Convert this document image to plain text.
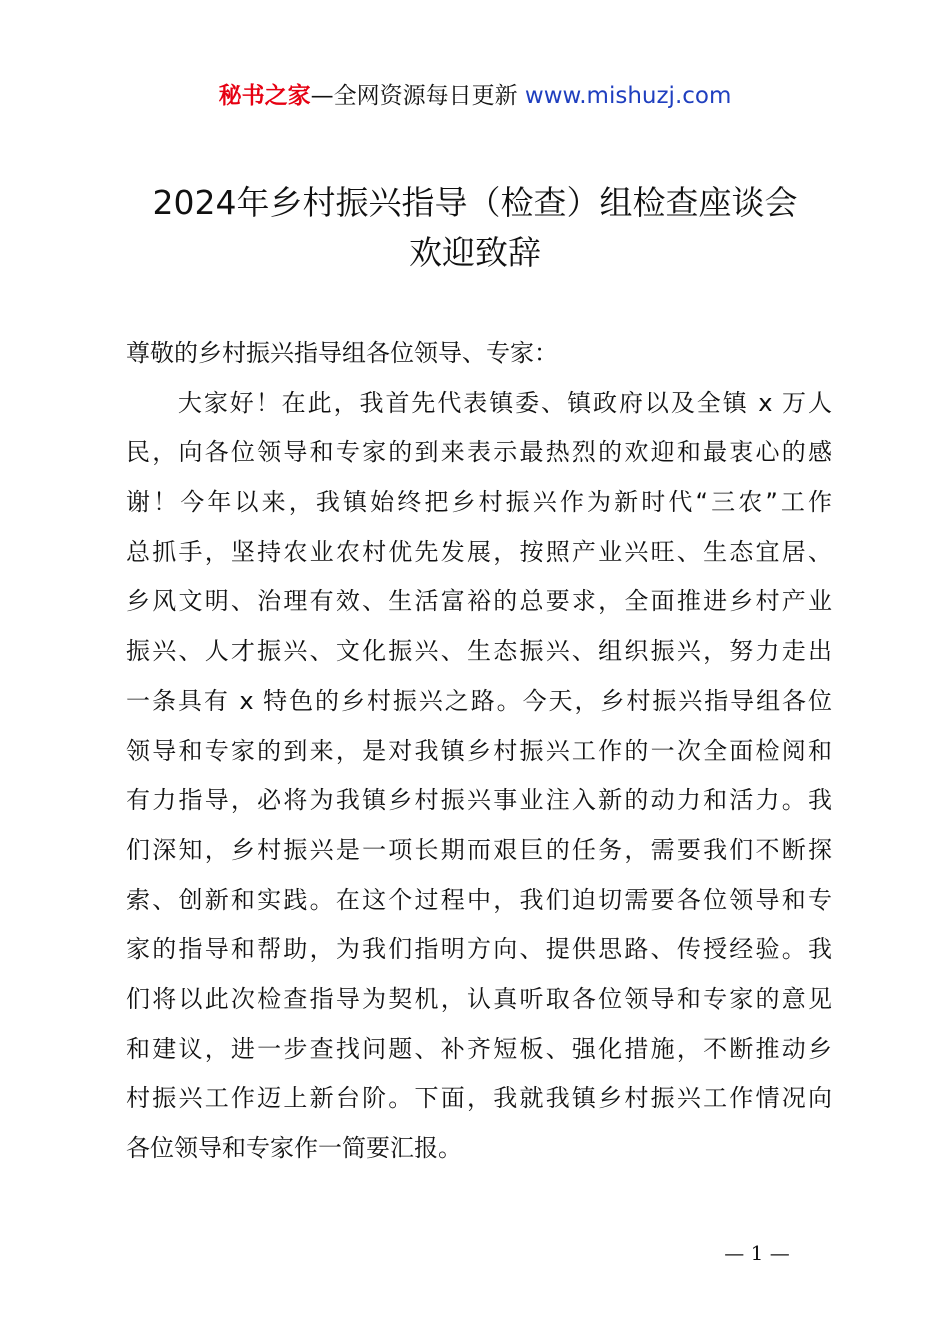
秘书之家—全网资源每日更新 www.mishuzj.com
2024年乡村振兴指导（检查）组检查座谈会
欢迎致辞
尊敬的乡村振兴指导组各位领导、专家：
　　大家好！在此，我首先代表镇委、镇政府以及全镇 x 万人
民，向各位领导和专家的到来表示最热烈的欢迎和最衷心的感
谢！今年以来，我镇始终把乡村振兴作为新时代“三农”工作
总抓手，坚持农业农村优先发展，按照产业兴旺、生态宜居、
乡风文明、治理有效、生活富裕的总要求，全面推进乡村产业
振兴、人才振兴、文化振兴、生态振兴、组织振兴，努力走出
一条具有 x 特色的乡村振兴之路。今天，乡村振兴指导组各位
领导和专家的到来，是对我镇乡村振兴工作的一次全面检阅和
有力指导，必将为我镇乡村振兴事业注入新的动力和活力。我
们深知，乡村振兴是一项长期而艰巨的任务，需要我们不断探
索、创新和实践。在这个过程中，我们迫切需要各位领导和专
家的指导和帮助，为我们指明方向、提供思路、传授经验。我
们将以此次检查指导为契机，认真听取各位领导和专家的意见
和建议，进一步查找问题、补齐短板、强化措施，不断推动乡
村振兴工作迈上新台阶。下面，我就我镇乡村振兴工作情况向
各位领导和专家作一简要汇报。
— 1 —
